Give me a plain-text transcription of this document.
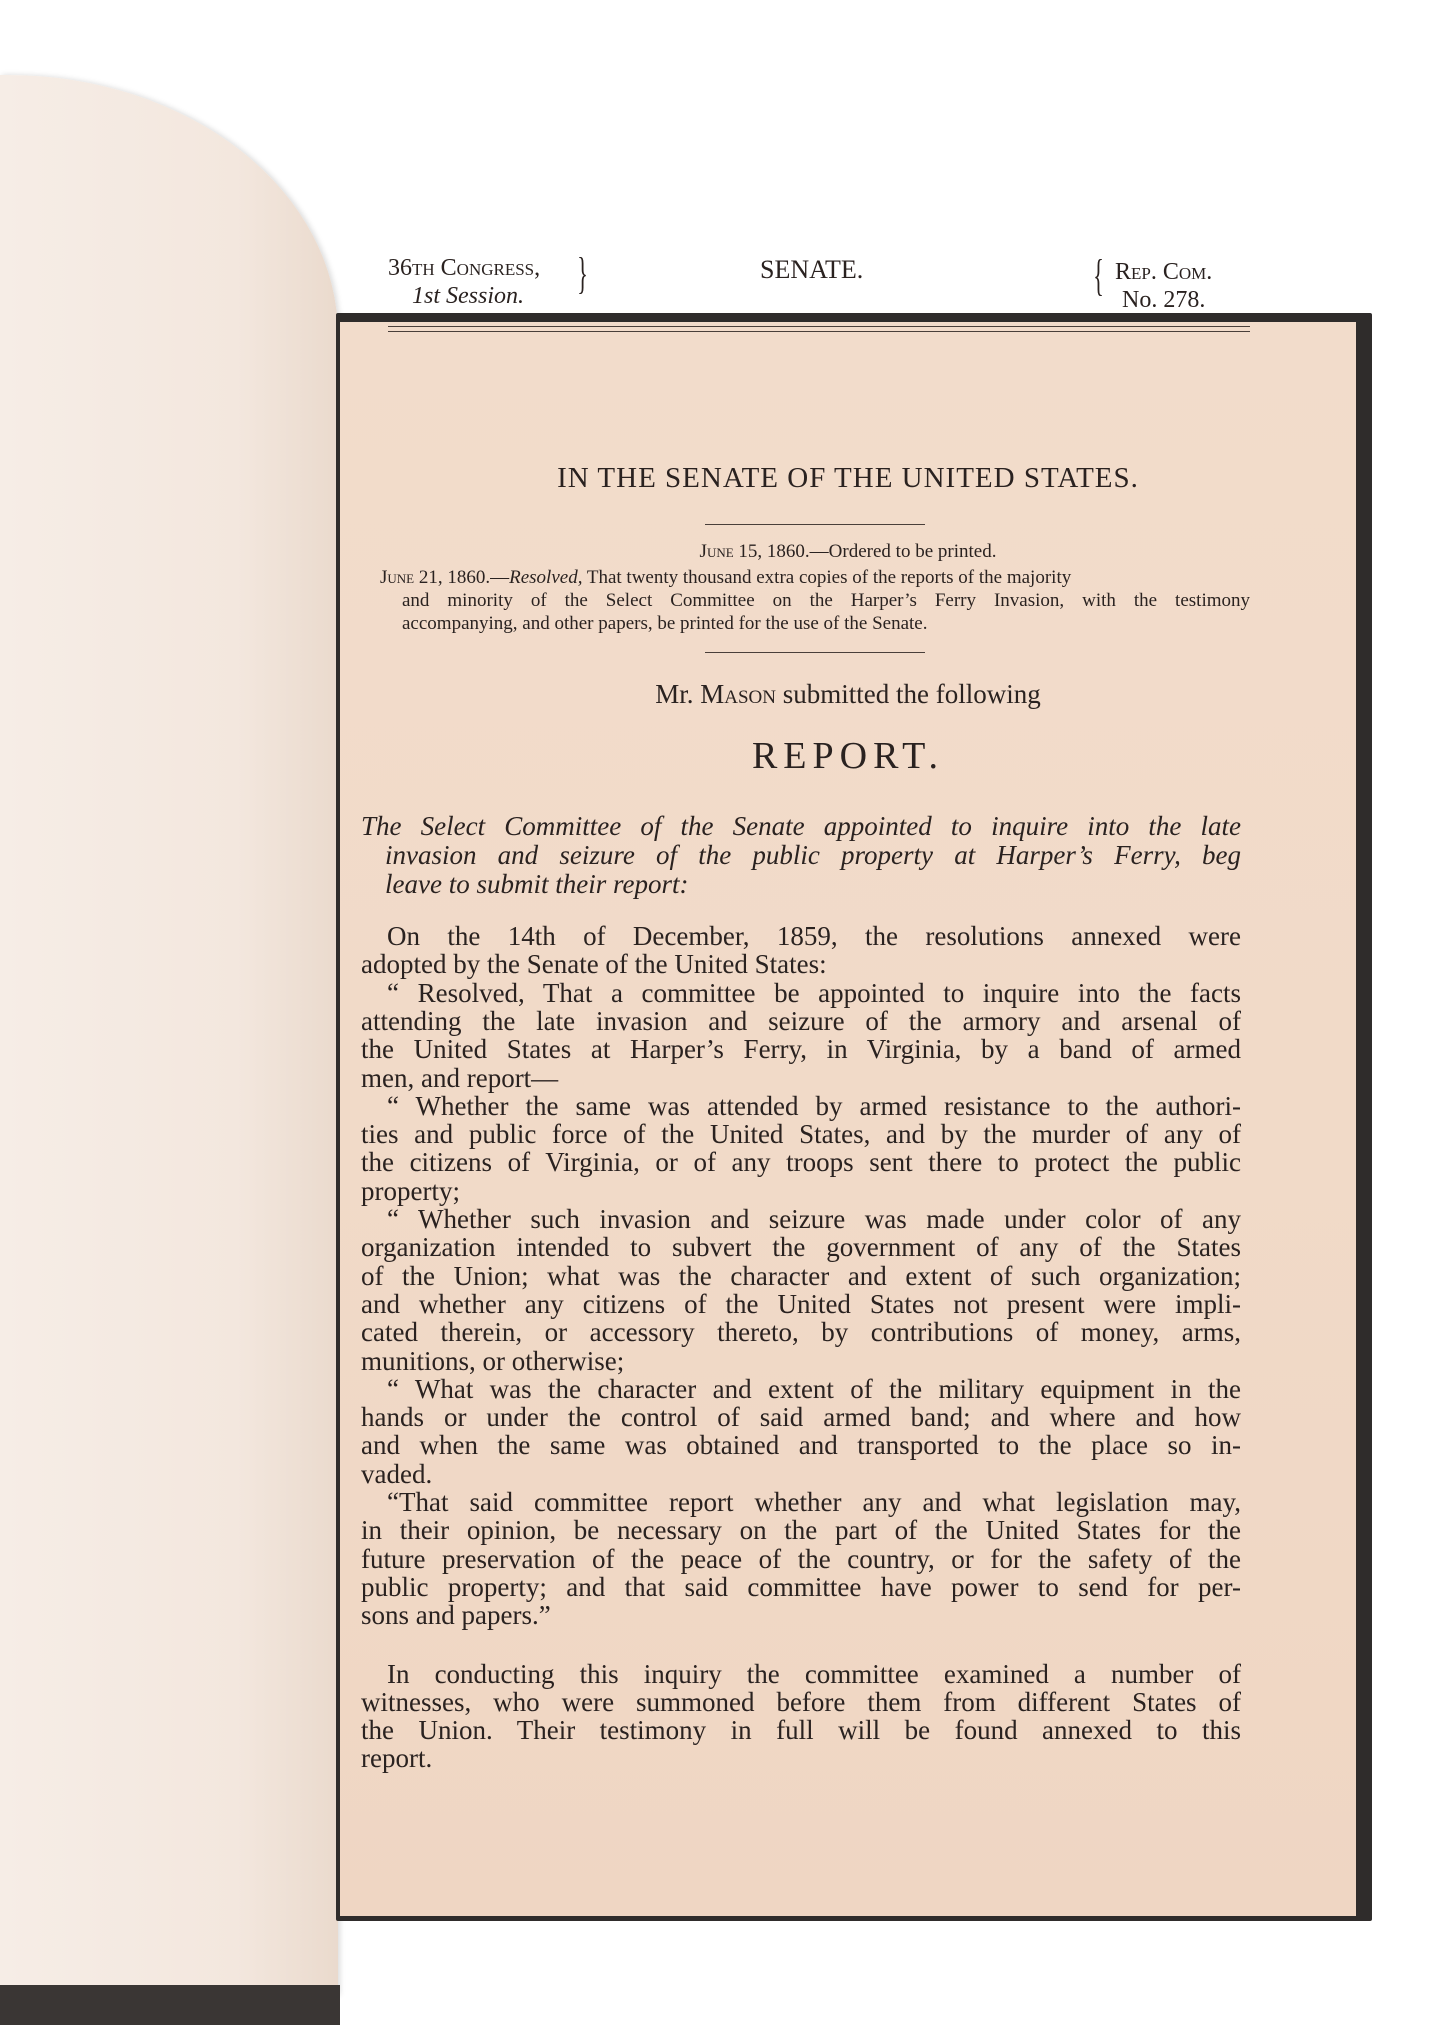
36th Congress, }	SENATE.	{ Rep. Com.
No. 278.
IN THE SENATE OF THE UNITED STATES.
June 15, 1860.—Ordered to be printed.
June 21, 1860.—Resolved, That twenty thousand extra copies of the reports of the majority
and minority of the Select Committee on the Harper’s Ferry Invasion, with the testimony
accompanying, and other papers, be printed for the use of the Senate.
Mr. Mason submitted the following
REPORT.
The Select Committee of the Senate appointed to inquire into the late
invasion and seizure of the public property at Harper’s Ferry, beg
leave to submit their report:
On the 14th of December, 1859, the resolutions annexed were
adopted by the Senate of the United States:
“ Resolved, That a committee be appointed to inquire into the facts
attending the late invasion and seizure of the armory and arsenal of
the United States at Harper’s Ferry, in Virginia, by a band of armed
men, and report—
“ Whether the same was attended by armed resistance to the authori-
ties and public force of the United States, and by the murder of any of
the citizens of Virginia, or of any troops sent there to protect the public
property;
“ Whether such invasion and seizure was made under color of any
organization intended to subvert the government of any of the States
of the Union; what was the character and extent of such organization;
and whether any citizens of the United States not present were impli-
cated therein, or accessory thereto, by contributions of money, arms,
munitions, or otherwise;
“ What was the character and extent of the military equipment in the
hands or under the control of said armed band; and where and how
and when the same was obtained and transported to the place so in-
vaded.
“That said committee report whether any and what legislation may,
in their opinion, be necessary on the part of the United States for the
future preservation of the peace of the country, or for the safety of the
public property; and that said committee have power to send for per-
sons and papers.”
In conducting this inquiry the committee examined a number of
witnesses, who were summoned before them from different States of
the Union. Their testimony in full will be found annexed to this
report.
1st Session.
